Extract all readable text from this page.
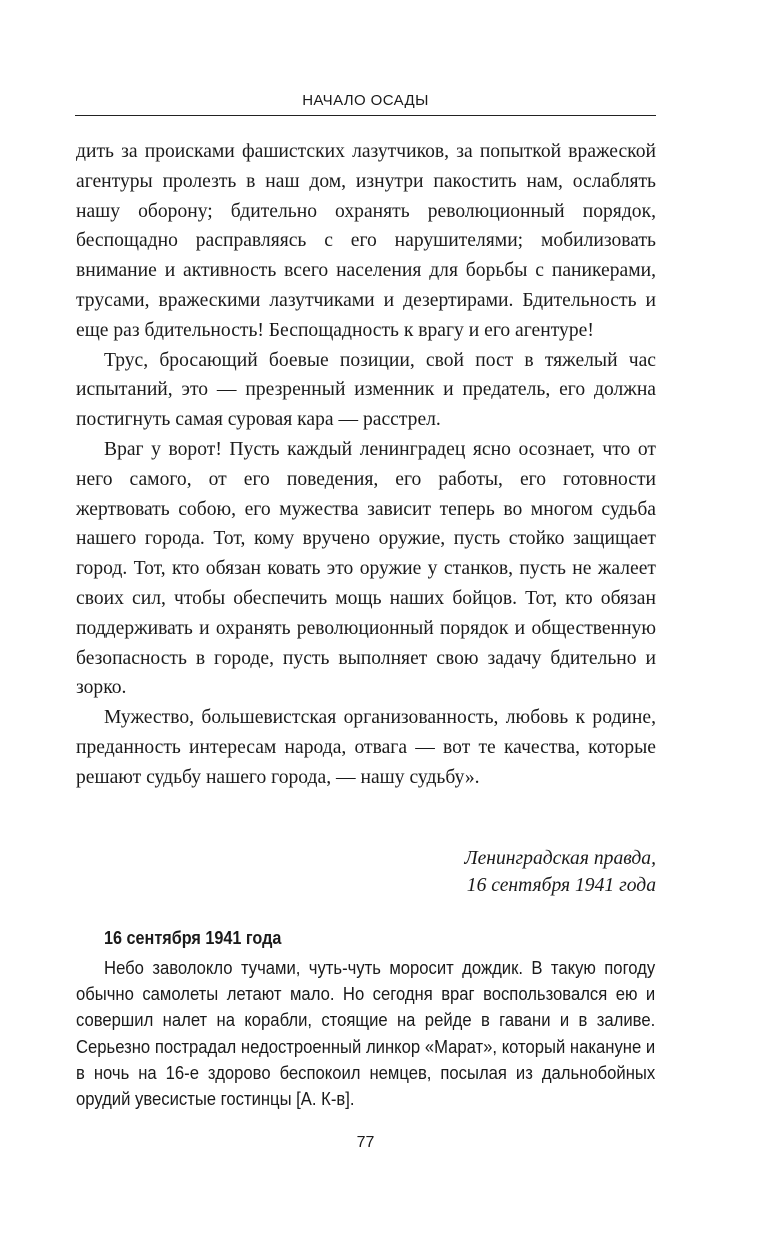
НАЧАЛО ОСАДЫ

дить за происками фашистских лазутчиков, за попыткой вражеской агентуры пролезть в наш дом, изнутри пакостить нам, ослаблять нашу оборону; бдительно охранять революционный порядок, беспощадно расправляясь с его нарушителями; мобилизовать внимание и активность всего населения для борьбы с паникерами, трусами, вражескими лазутчиками и дезертирами. Бдительность и еще раз бдительность! Беспощадность к врагу и его агентуре!

Трус, бросающий боевые позиции, свой пост в тяжелый час испытаний, это — презренный изменник и предатель, его должна постигнуть самая суровая кара — расстрел.

Враг у ворот! Пусть каждый ленинградец ясно осознает, что от него самого, от его поведения, его работы, его готовности жертвовать собою, его мужества зависит теперь во многом судьба нашего города. Тот, кому вручено оружие, пусть стойко защищает город. Тот, кто обязан ковать это оружие у станков, пусть не жалеет своих сил, чтобы обеспечить мощь наших бойцов. Тот, кто обязан поддерживать и охранять революционный порядок и общественную безопасность в городе, пусть выполняет свою задачу бдительно и зорко.

Мужество, большевистская организованность, любовь к родине, преданность интересам народа, отвага — вот те качества, которые решают судьбу нашего города, — нашу судьбу».

Ленинградская правда,
16 сентября 1941 года
16 сентября 1941 года

Небо заволокло тучами, чуть-чуть моросит дождик. В такую погоду обычно самолеты летают мало. Но сегодня враг воспользовался ею и совершил налет на корабли, стоящие на рейде в гавани и в заливе. Серьезно пострадал недостроенный линкор «Марат», который накануне и в ночь на 16-е здорово беспокоил немцев, посылая из дальнобойных орудий увесистые гостинцы [А. К-в].

77
